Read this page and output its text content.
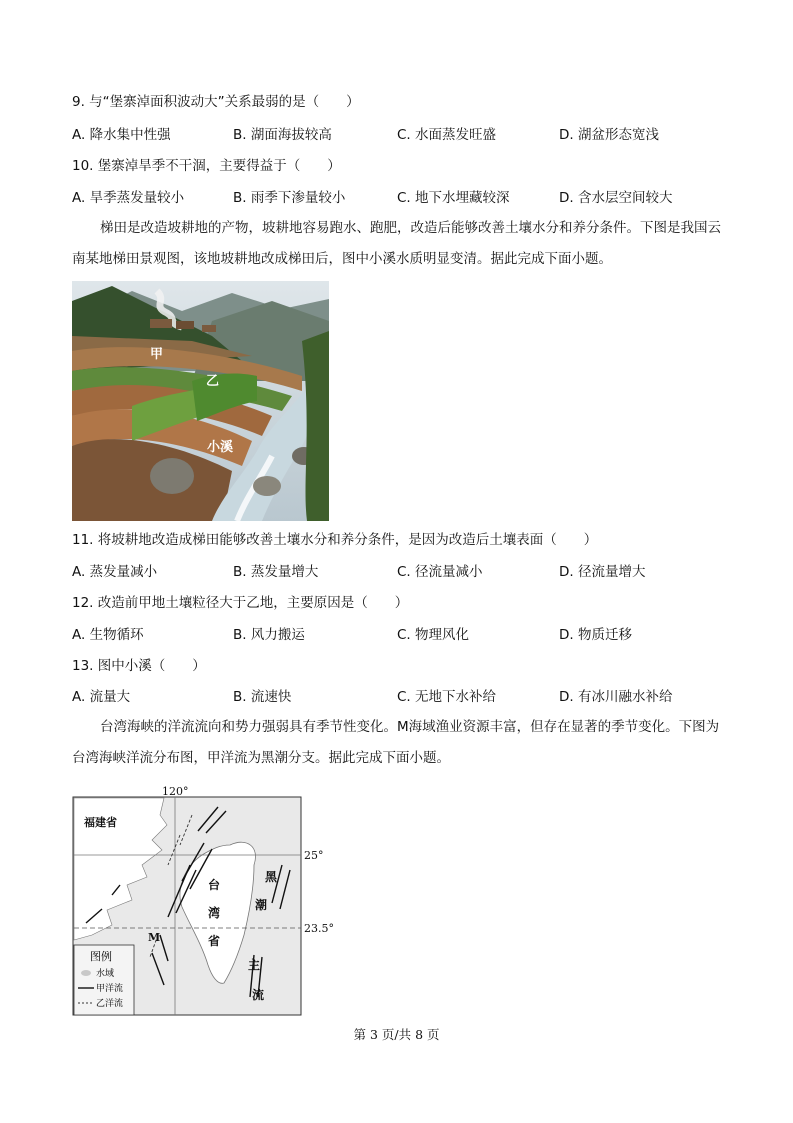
9. 与“堡寨淖面积波动大”关系最弱的是（　　）
A. 降水集中性强	B. 湖面海拔较高	C. 水面蒸发旺盛	D. 湖盆形态宽浅
10. 堡寨淖旱季不干涸，主要得益于（　　）
A. 旱季蒸发量较小	B. 雨季下渗量较小	C. 地下水埋藏较深	D. 含水层空间较大
梯田是改造坡耕地的产物，坡耕地容易跑水、跑肥，改造后能够改善土壤水分和养分条件。下图是我国云南某地梯田景观图，该地坡耕地改成梯田后，图中小溪水质明显变清。据此完成下面小题。
甲
乙
小溪
11. 将坡耕地改造成梯田能够改善土壤水分和养分条件，是因为改造后土壤表面（　　）
A. 蒸发量减小	B. 蒸发量增大	C. 径流量减小	D. 径流量增大
12. 改造前甲地土壤粒径大于乙地，主要原因是（　　）
A. 生物循环	B. 风力搬运	C. 物理风化	D. 物质迁移
13. 图中小溪（　　）
A. 流量大	B. 流速快	C. 无地下水补给	D. 有冰川融水补给
台湾海峡的洋流流向和势力强弱具有季节性变化。M海域渔业资源丰富，但存在显著的季节变化。下图为台湾海峡洋流分布图，甲洋流为黑潮分支。据此完成下面小题。
福建省
120°
25°
23.5°
台
湾
省
黑
潮
主
流
M
图例
水域
甲洋流
乙洋流
第 3 页/共 8 页
